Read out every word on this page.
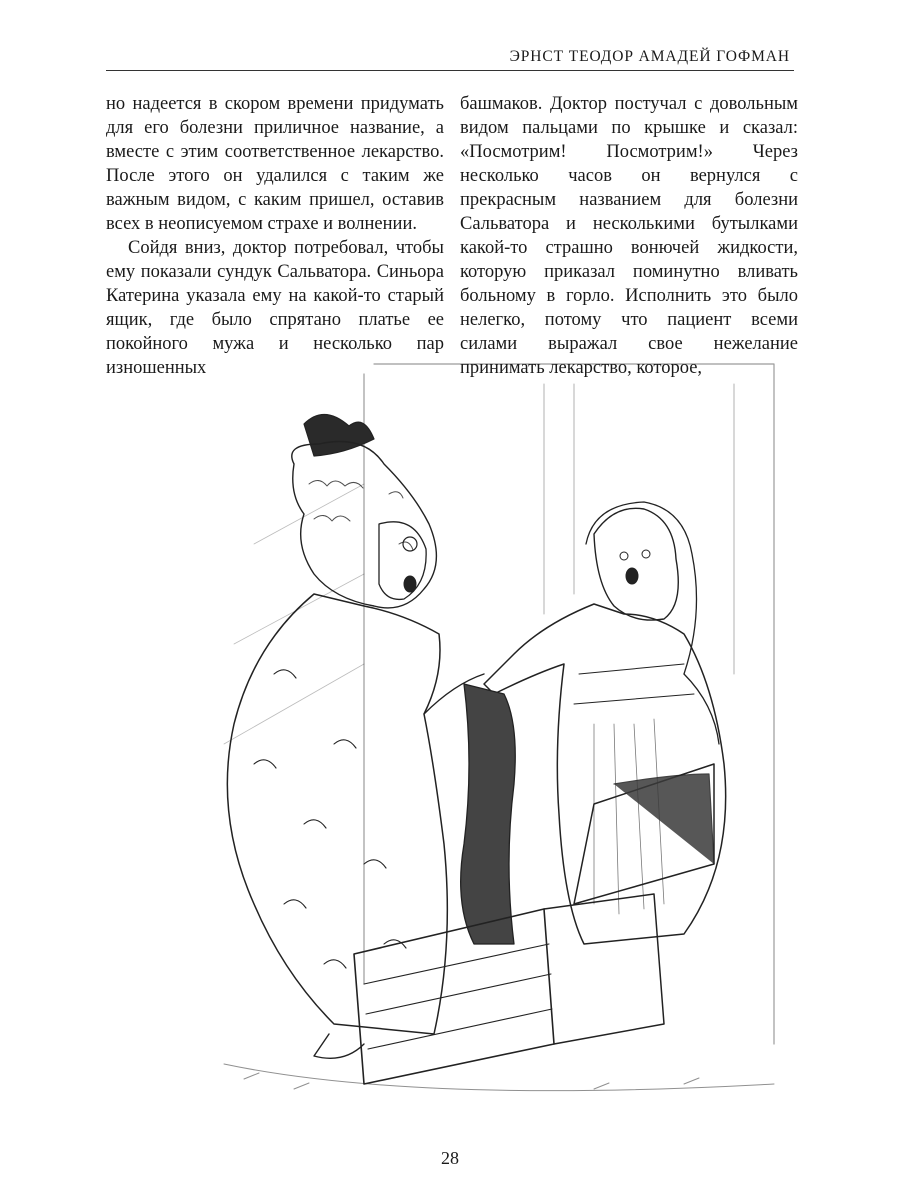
ЭРНСТ ТЕОДОР АМАДЕЙ ГОФМАН

но надеется в скором времени придумать для его болезни приличное название, а вместе с этим соответственное лекарство. После этого он удалился с таким же важным видом, с каким пришел, оставив всех в неописуемом страхе и волнении.

Сойдя вниз, доктор потребовал, чтобы ему показали сундук Сальватора. Синьора Катерина указала ему на какой-то старый ящик, где было спрятано платье ее покойного мужа и несколько пар изношенных

башмаков. Доктор постучал с довольным видом пальцами по крышке и сказал: «Посмотрим! Посмотрим!» Через несколько часов он вернулся с прекрасным названием для болезни Сальватора и несколькими бутылками какой-то страшно вонючей жидкости, которую приказал поминутно вливать больному в горло. Исполнить это было нелегко, потому что пациент всеми силами выражал свое нежелание принимать лекарство, которое,

28
